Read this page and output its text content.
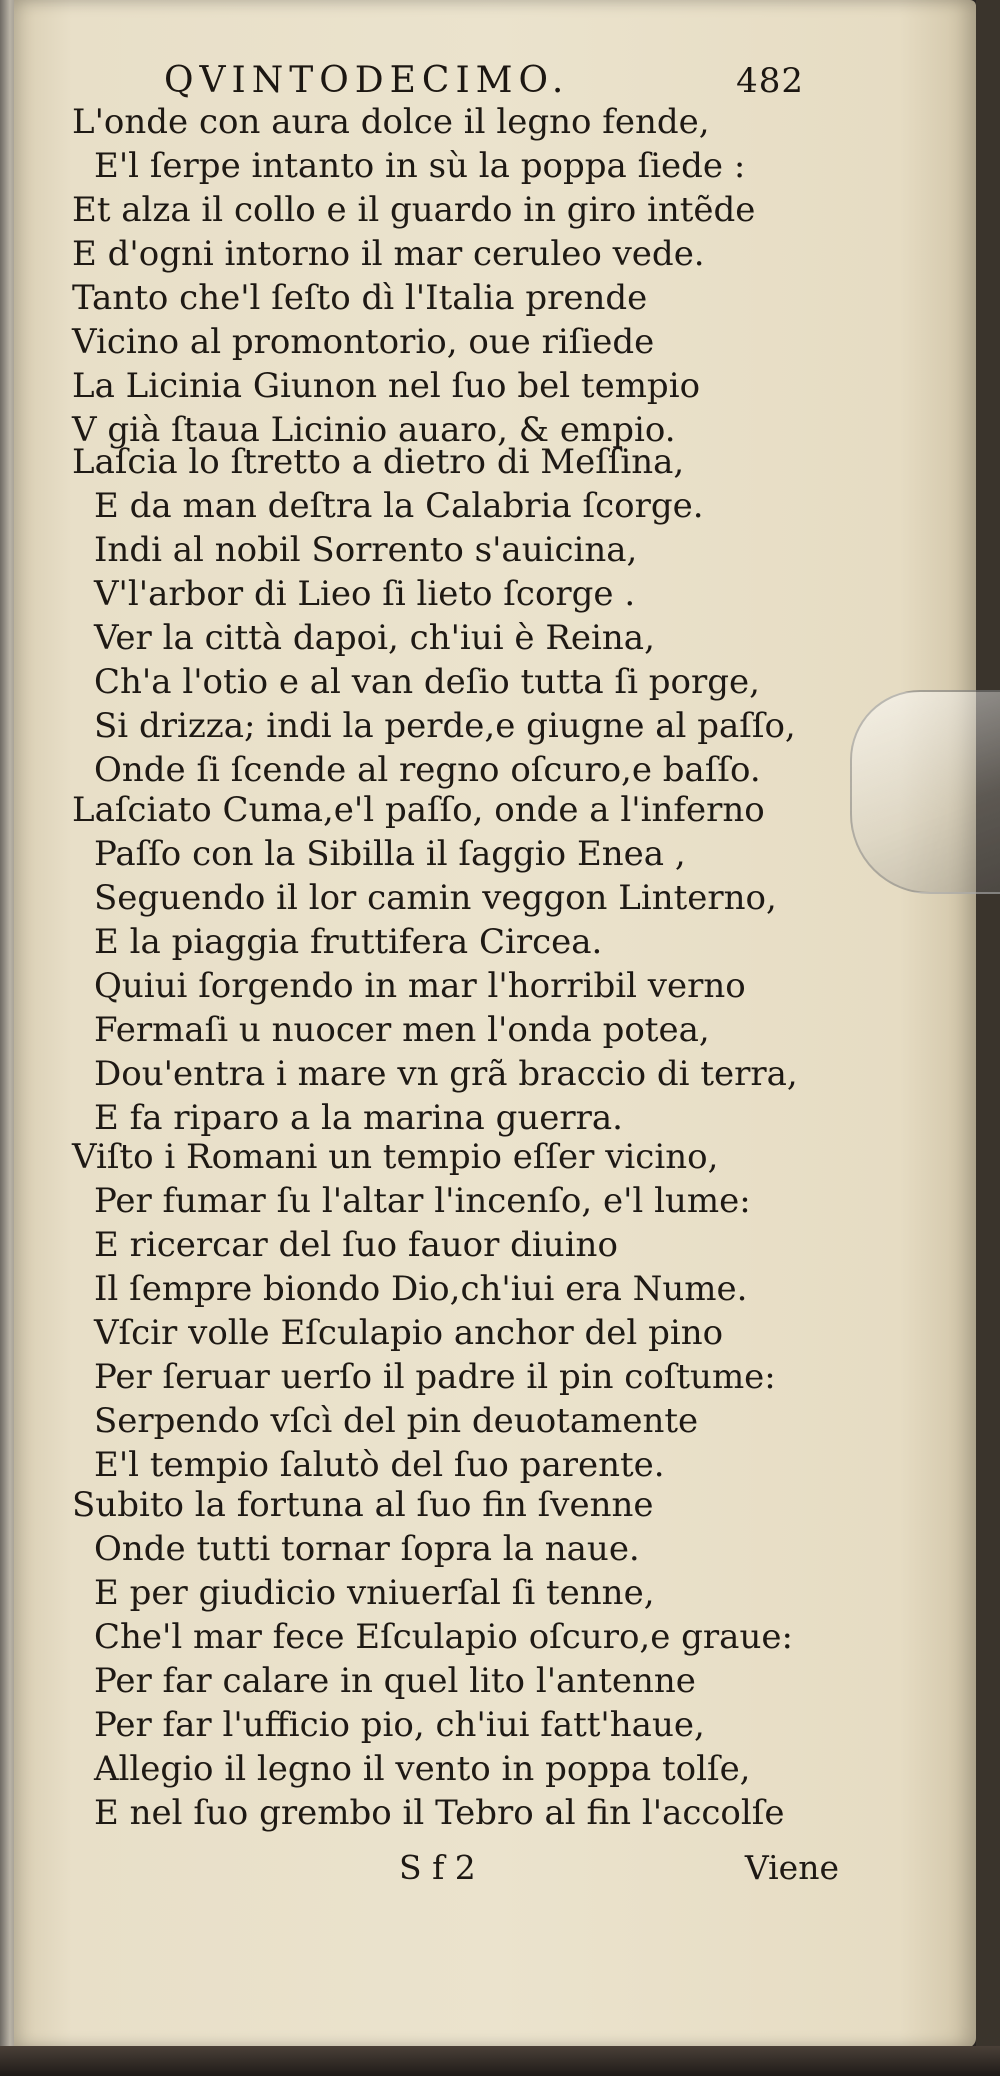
QVINTODECIMO.	482
L'onde con aura dolce il legno fende,
E'l ſerpe intanto in sù la poppa ſiede :
Et alza il collo e il guardo in giro intẽde
E d'ogni intorno il mar ceruleo vede.
Tanto che'l ſeſto dì l'Italia prende
Vicino al promontorio, oue riſiede
La Licinia Giunon nel ſuo bel tempio
V già ſtaua Licinio auaro, & empio.
Laſcia lo ſtretto a dietro di Meſſina,
E da man deſtra la Calabria ſcorge.
Indi al nobil Sorrento s'auicina,
V'l'arbor di Lieo ſi lieto ſcorge .
Ver la città dapoi, ch'iui è Reina,
Ch'a l'otio e al van deſio tutta ſi porge,
Si drizza; indi la perde,e giugne al paſſo,
Onde ſi ſcende al regno oſcuro,e baſſo.
Laſciato Cuma,e'l paſſo, onde a l'inferno
Paſſo con la Sibilla il ſaggio Enea ,
Seguendo il lor camin veggon Linterno,
E la piaggia fruttifera Circea.
Quiui ſorgendo in mar l'horribil verno
Fermaſi u nuocer men l'onda potea,
Dou'entra i mare vn grã braccio di terra,
E fa riparo a la marina guerra.
Viſto i Romani un tempio eſſer vicino,
Per fumar ſu l'altar l'incenſo, e'l lume:
E ricercar del ſuo fauor diuino
Il ſempre biondo Dio,ch'iui era Nume.
Vſcir volle Eſculapio anchor del pino
Per ſeruar uerſo il padre il pin coſtume:
Serpendo vſcì del pin deuotamente
E'l tempio ſalutò del ſuo parente.
Subito la fortuna al ſuo fin ſvenne
Onde tutti tornar ſopra la naue.
E per giudicio vniuerſal ſi tenne,
Che'l mar fece Eſculapio oſcuro,e graue:
Per far calare in quel lito l'antenne
Per far l'ufficio pio, ch'iui fatt'haue,
Allegio il legno il vento in poppa tolſe,
E nel ſuo grembo il Tebro al fin l'accolſe
S f 2	Viene
